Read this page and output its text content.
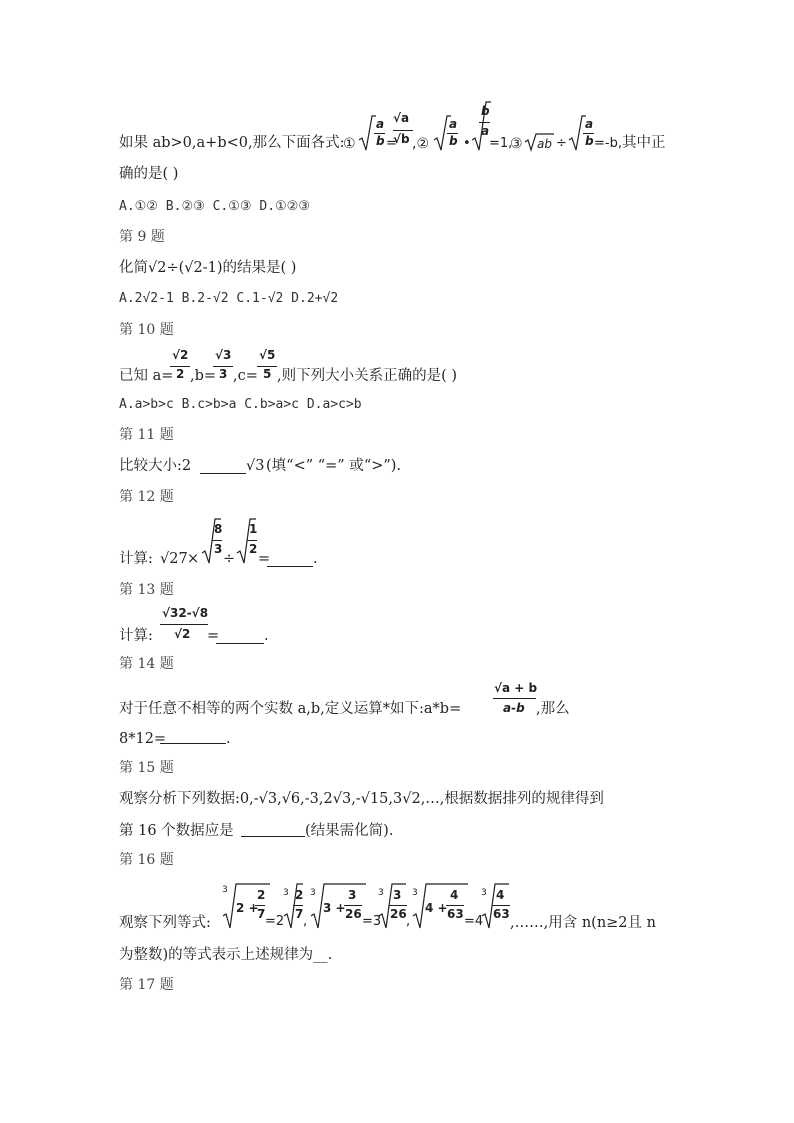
如果 ab>0,a+b<0,那么下面各式:
①
a
b =
√a
√b ,②
a
b •
b
a
=1,
③ ab ÷
a
b =-b, 其中正
确的是( )
A.①② B.②③ C.①③ D.①②③
第 9 题
化简√2÷(√2-1)的结果是( )
A.2√2-1 B.2-√2 C.1-√2 D.2+√2
第 10 题
已知 a=
√2
2 ,b=
√3
3 ,c=
√5
5 ,则下列大小关系正确的是( )
A.a>b>c B.c>b>a C.b>a>c D.a>c>b
第 11 题
比较大小:2	√3 (填“<” “=” 或“>”).
第 12 题
计算: √27 ×
8
3
÷
1
2
=	.
第 13 题
计算:
√32-√8
√2 =	.
第 14 题
对于任意不相等的两个实数 a,b,定义运算*如下:a*b=
√a + b
a-b ,那么
8*12=	.
第 15 题
观察分析下列数据:0,-√3,√6,-3,2√3,-√15,3√2,…,根据数据排列的规律得到
第 16 个数据应是	(结果需化简).
第 16 题
观察下列等式:
3
2 +
2
7 =2
3 2
7 ,
3
3 +
3
26 =3
3 3
26 ,
3
4 +
4
63 =4
3 4
63
,……,用含 n(n≥2且 n
为整数)的等式表示上述规律为__.
第 17 题
